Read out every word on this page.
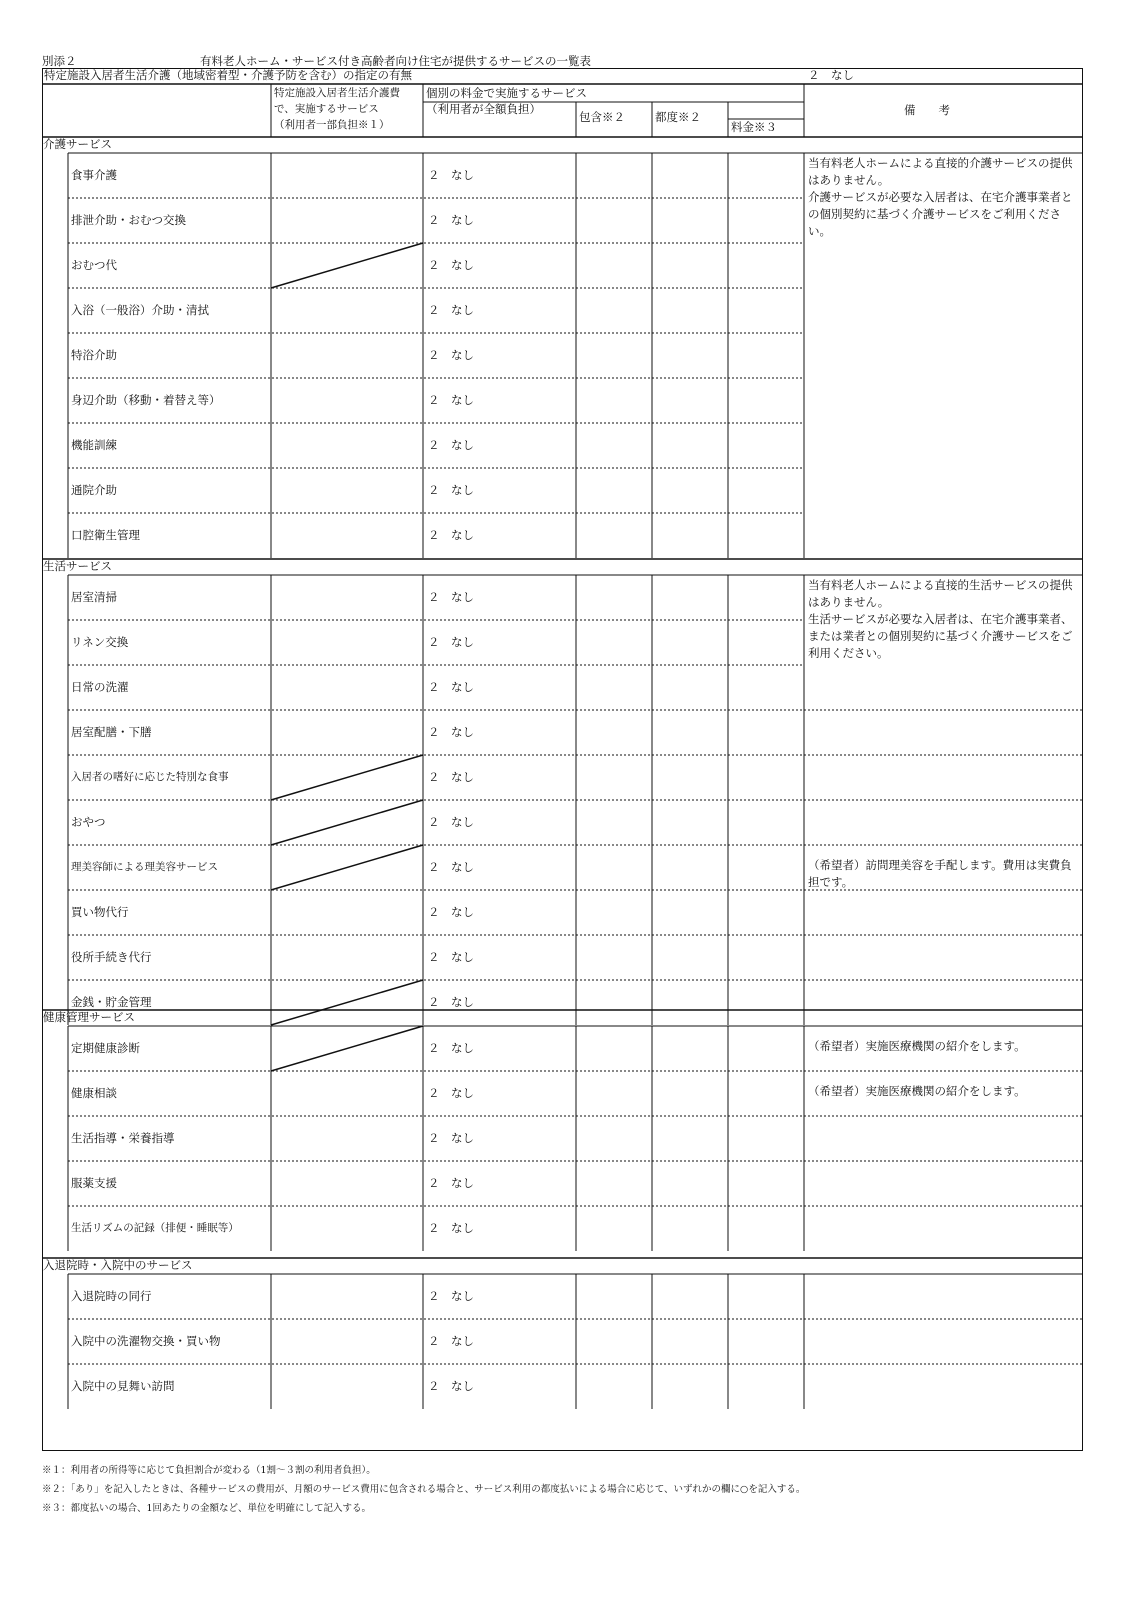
別添２	有料老人ホーム・サービス付き高齢者向け住宅が提供するサービスの一覧表
特定施設入居者生活介護（地域密着型・介護予防を含む）の指定の有無	２　なし
特定施設入居者生活介護費
で、実施するサービス
（利用者一部負担※１）
個別の料金で実施するサービス
（利用者が全額負担）
包含※２	都度※２
料金※３
備　　考
介護サービス
食事介護	２　なし
排泄介助・おむつ交換	２　なし
おむつ代	２　なし
入浴（一般浴）介助・清拭	２　なし
特浴介助	２　なし
身辺介助（移動・着替え等）	２　なし
機能訓練	２　なし
通院介助	２　なし
口腔衛生管理	２　なし
当有料老人ホームによる直接的介護サービスの提供はありません。
介護サービスが必要な入居者は、在宅介護事業者との個別契約に基づく介護サービスをご利用ください。
生活サービス
居室清掃	２　なし
リネン交換	２　なし
日常の洗濯	２　なし
居室配膳・下膳	２　なし
入居者の嗜好に応じた特別な食事	２　なし
おやつ	２　なし
理美容師による理美容サービス	２　なし	（希望者）訪問理美容を手配します。費用は実費負担です。
買い物代行	２　なし
役所手続き代行	２　なし
金銭・貯金管理	２　なし
当有料老人ホームによる直接的生活サービスの提供はありません。
生活サービスが必要な入居者は、在宅介護事業者、または業者との個別契約に基づく介護サービスをご利用ください。
健康管理サービス
定期健康診断	２　なし	（希望者）実施医療機関の紹介をします。
健康相談	２　なし	（希望者）実施医療機関の紹介をします。
生活指導・栄養指導	２　なし
服薬支援	２　なし
生活リズムの記録（排便・睡眠等）	２　なし
入退院時・入院中のサービス
入退院時の同行	２　なし
入院中の洗濯物交換・買い物	２　なし
入院中の見舞い訪問	２　なし
※１：利用者の所得等に応じて負担割合が変わる（1割～３割の利用者負担）。
※２：「あり」を記入したときは、各種サービスの費用が、月額のサービス費用に包含される場合と、サービス利用の都度払いによる場合に応じて、いずれかの欄に○を記入する。
※３：都度払いの場合、1回あたりの金額など、単位を明確にして記入する。
